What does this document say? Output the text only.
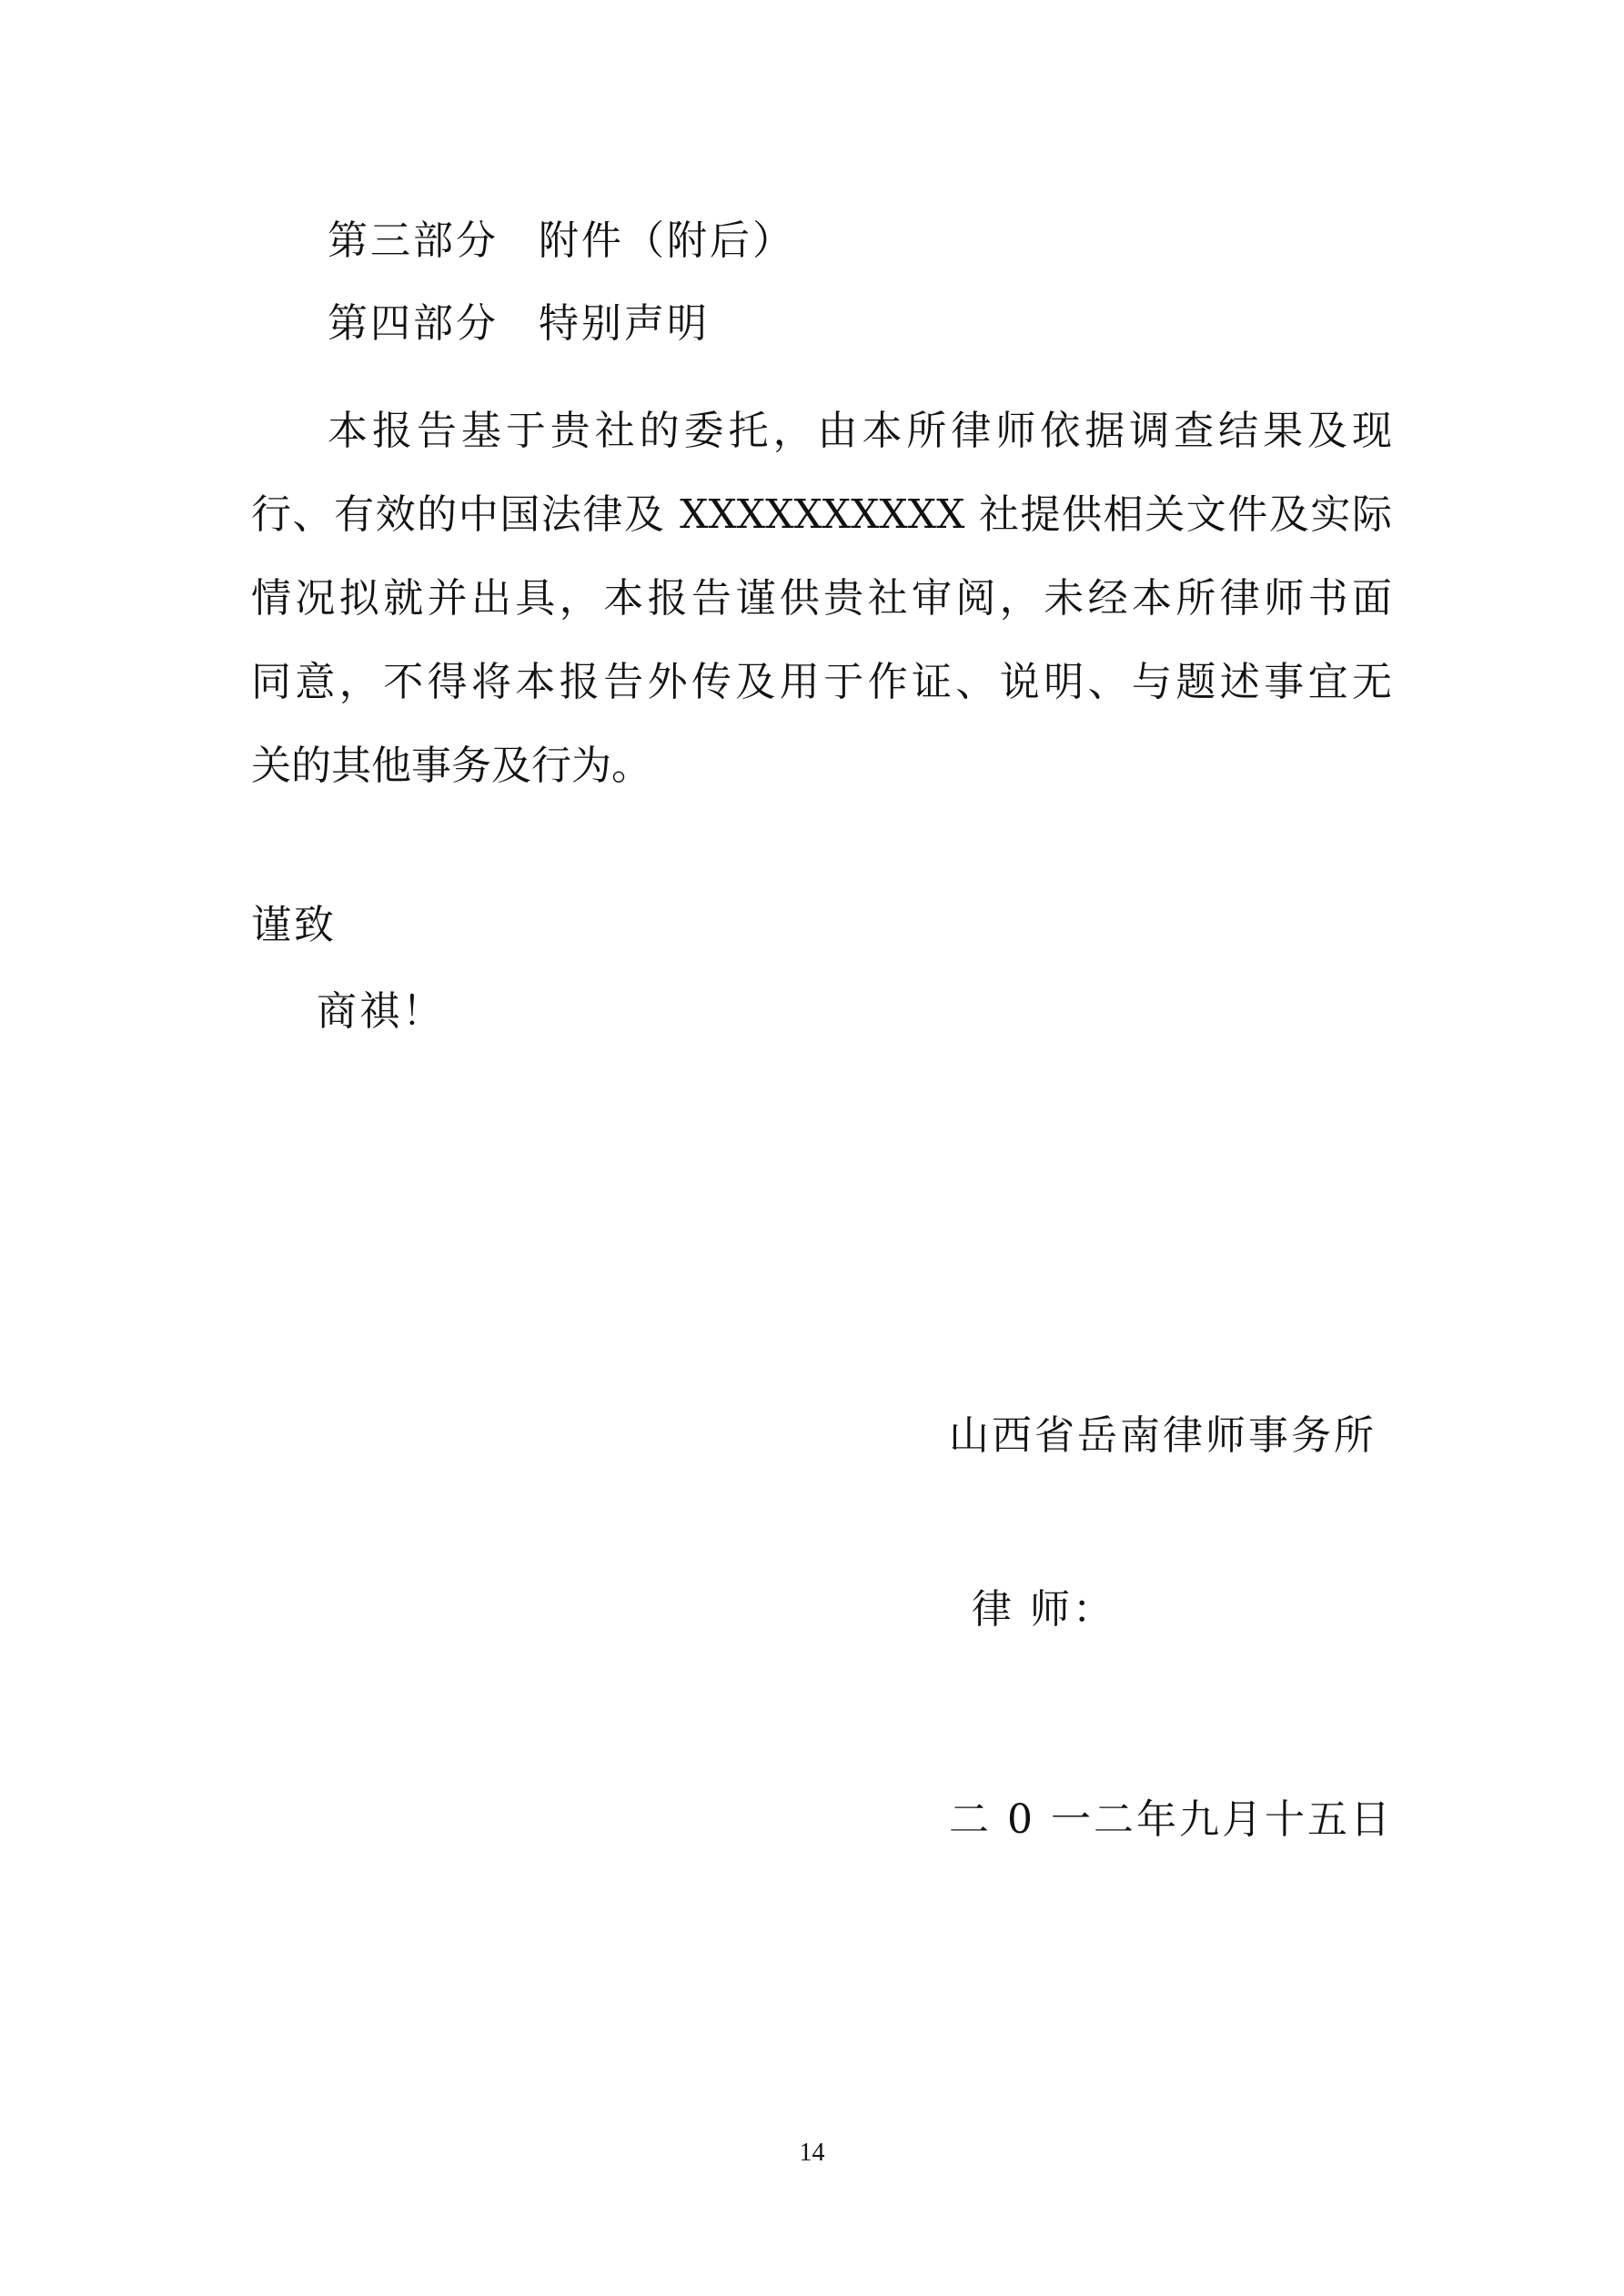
第三部分 附件（附后）
第四部分 特别声明
本报告基于贵社的委托，由本所律师依据调查结果及现
行、有效的中国法律及 XXXXXXXXXX 社提供相关文件及实际
情况拟就并出具，本报告谨供贵社审阅，未经本所律师书面
同意，不得将本报告外传及用于作证、说明、与题述事宜无
关的其他事务及行为。
谨致
商祺！
山西省岳南律师事务所
律 师：
二 0 一二年九月十五日
14
